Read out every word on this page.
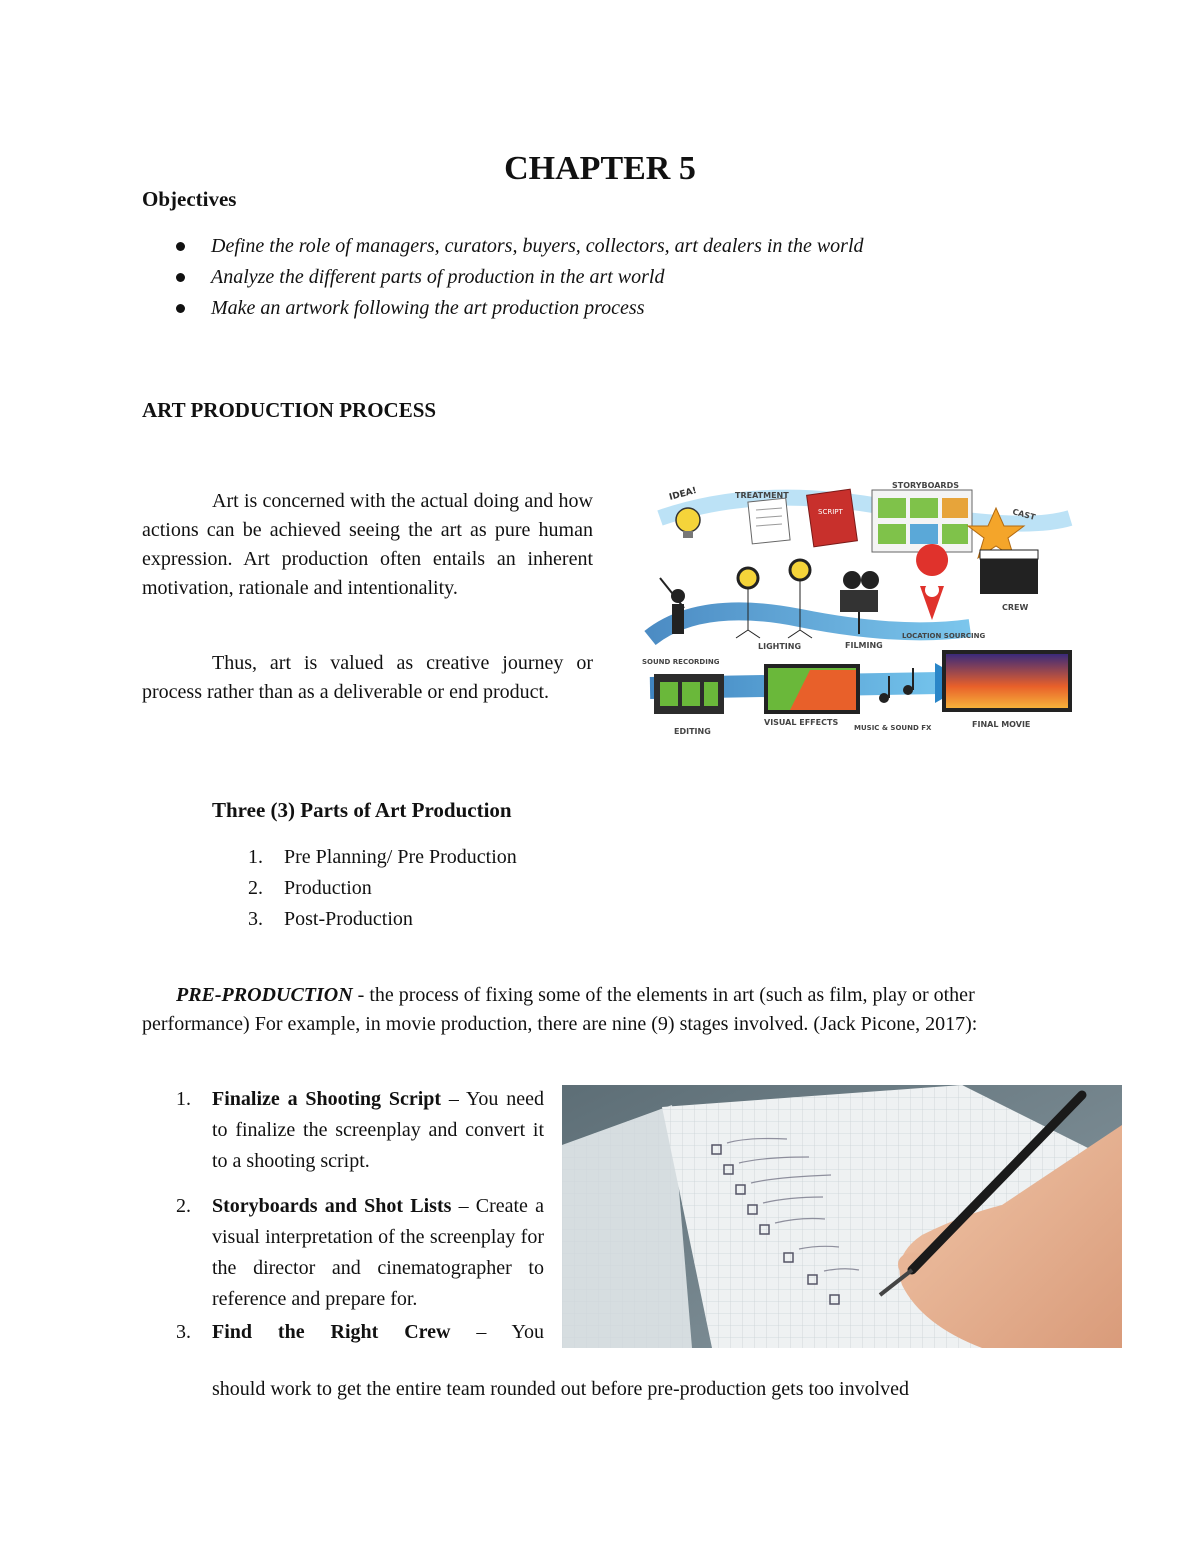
CHAPTER 5
Objectives
Define the role of managers, curators, buyers, collectors, art dealers in the world
Analyze the different parts of production in the art world
Make an artwork following the art production process
ART PRODUCTION PROCESS
Art is concerned with the actual doing and how actions can be achieved seeing the art as pure human expression. Art production often entails an inherent motivation, rationale and intentionality.
Thus, art is valued as creative journey or process rather than as a deliverable or end product.
IDEA!	TREATMENT
SCRIPT
STORYBOARDS
CAST
CREW
LIGHTING	FILMING
LOCATION SOURCING
SOUND RECORDING
EDITING
VISUAL EFFECTS
MUSIC & SOUND FX	FINAL MOVIE
Three (3) Parts of Art Production
1. Pre Planning/ Pre Production
2. Production
3. Post-Production
PRE-PRODUCTION - the process of fixing some of the elements in art (such as film, play or other performance) For example, in movie production, there are nine (9) stages involved. (Jack Picone, 2017):
1. Finalize a Shooting Script – You need to finalize the screenplay and convert it to a shooting script.
2. Storyboards and Shot Lists – Create a visual interpretation of the screenplay for the director and cinematographer to reference and prepare for.
3. Find the Right Crew – You
should work to get the entire team rounded out before pre-production gets too involved
